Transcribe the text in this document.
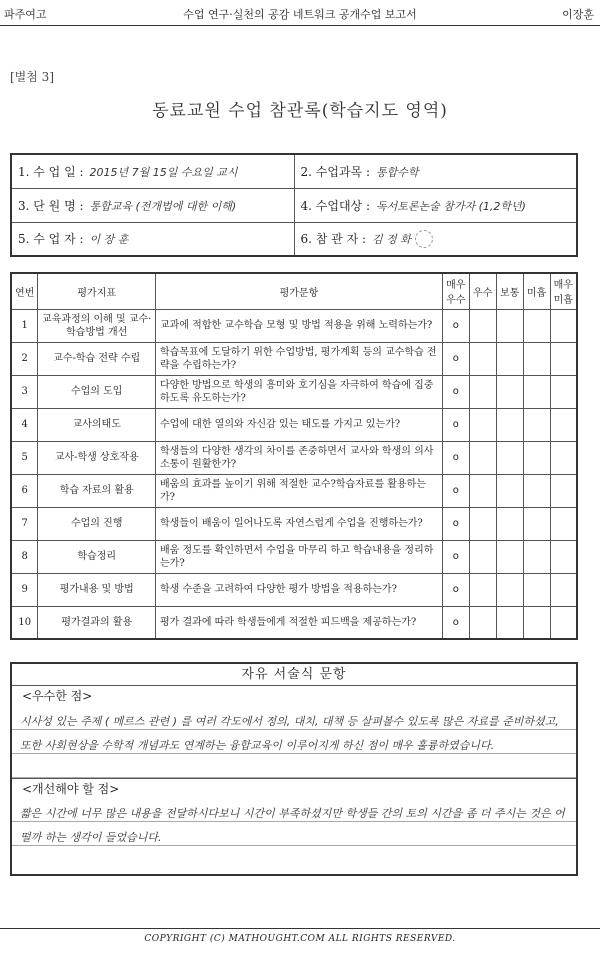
파주여고	수업 연구·실천의 공감 네트워크 공개수업 보고서	이장훈
[별첨 3]
동료교원 수업 참관록(학습지도 영역)
1. 수 업 일 : 2015년 7월 15일 수요일 교시	2. 수업과목 : 통합수학
3. 단 원 명 : 통합교육 (전개법에 대한 이해)	4. 수업대상 : 독서토론논술 참가자 (1,2학년)
5. 수 업 자 : 이 장 훈	6. 참 관 자 : 김 정 화
연번	평가지표	평가문항	매우우수	우수	보통	미흡	매우미흡
1	교육과정의 이해 및 교수·학습방법 개선	교과에 적합한 교수학습 모형 및 방법 적용을 위해 노력하는가?	o				
2	교수-학습 전략 수립	학습목표에 도달하기 위한 수업방법, 평가계획 등의 교수학습 전략을 수립하는가?	o				
3	수업의 도입	다양한 방법으로 학생의 흥미와 호기심을 자극하여 학습에 집중하도록 유도하는가?	o				
4	교사의태도	수업에 대한 열의와 자신감 있는 태도를 가지고 있는가?	o				
5	교사-학생 상호작용	학생들의 다양한 생각의 차이를 존중하면서 교사와 학생의 의사소통이 원활한가?	o				
6	학습 자료의 활용	배움의 효과를 높이기 위해 적절한 교수?학습자료를 활용하는가?	o				
7	수업의 진행	학생들이 배움이 일어나도록 자연스럽게 수업을 진행하는가?	o				
8	학습정리	배움 정도를 확인하면서 수업을 마무리 하고 학습내용을 정리하는가?	o				
9	평가내용 및 방법	학생 수준을 고려하여 다양한 평가 방법을 적용하는가?	o				
10	평가결과의 활용	평가 결과에 따라 학생들에게 적절한 피드백을 제공하는가?	o				
자유 서술식 문항
<우수한 점>
시사성 있는 주제 ( 메르스 관련 ) 를 여러 각도에서 정의, 대치, 대책 등 살펴볼수 있도록 많은 자료를 준비하셨고, 또한 사회현상을 수학적 개념과도 연계하는 융합교육이 이루어지게 하신 점이 매우 훌륭하였습니다.
<개선해야 할 점>
짧은 시간에 너무 많은 내용을 전달하시다보니 시간이 부족하셨지만 학생들 간의 토의 시간을 좀 더 주시는 것은 어떨까 하는 생각이 들었습니다.
COPYRIGHT (C) MATHOUGHT.COM ALL RIGHTS RESERVED.
